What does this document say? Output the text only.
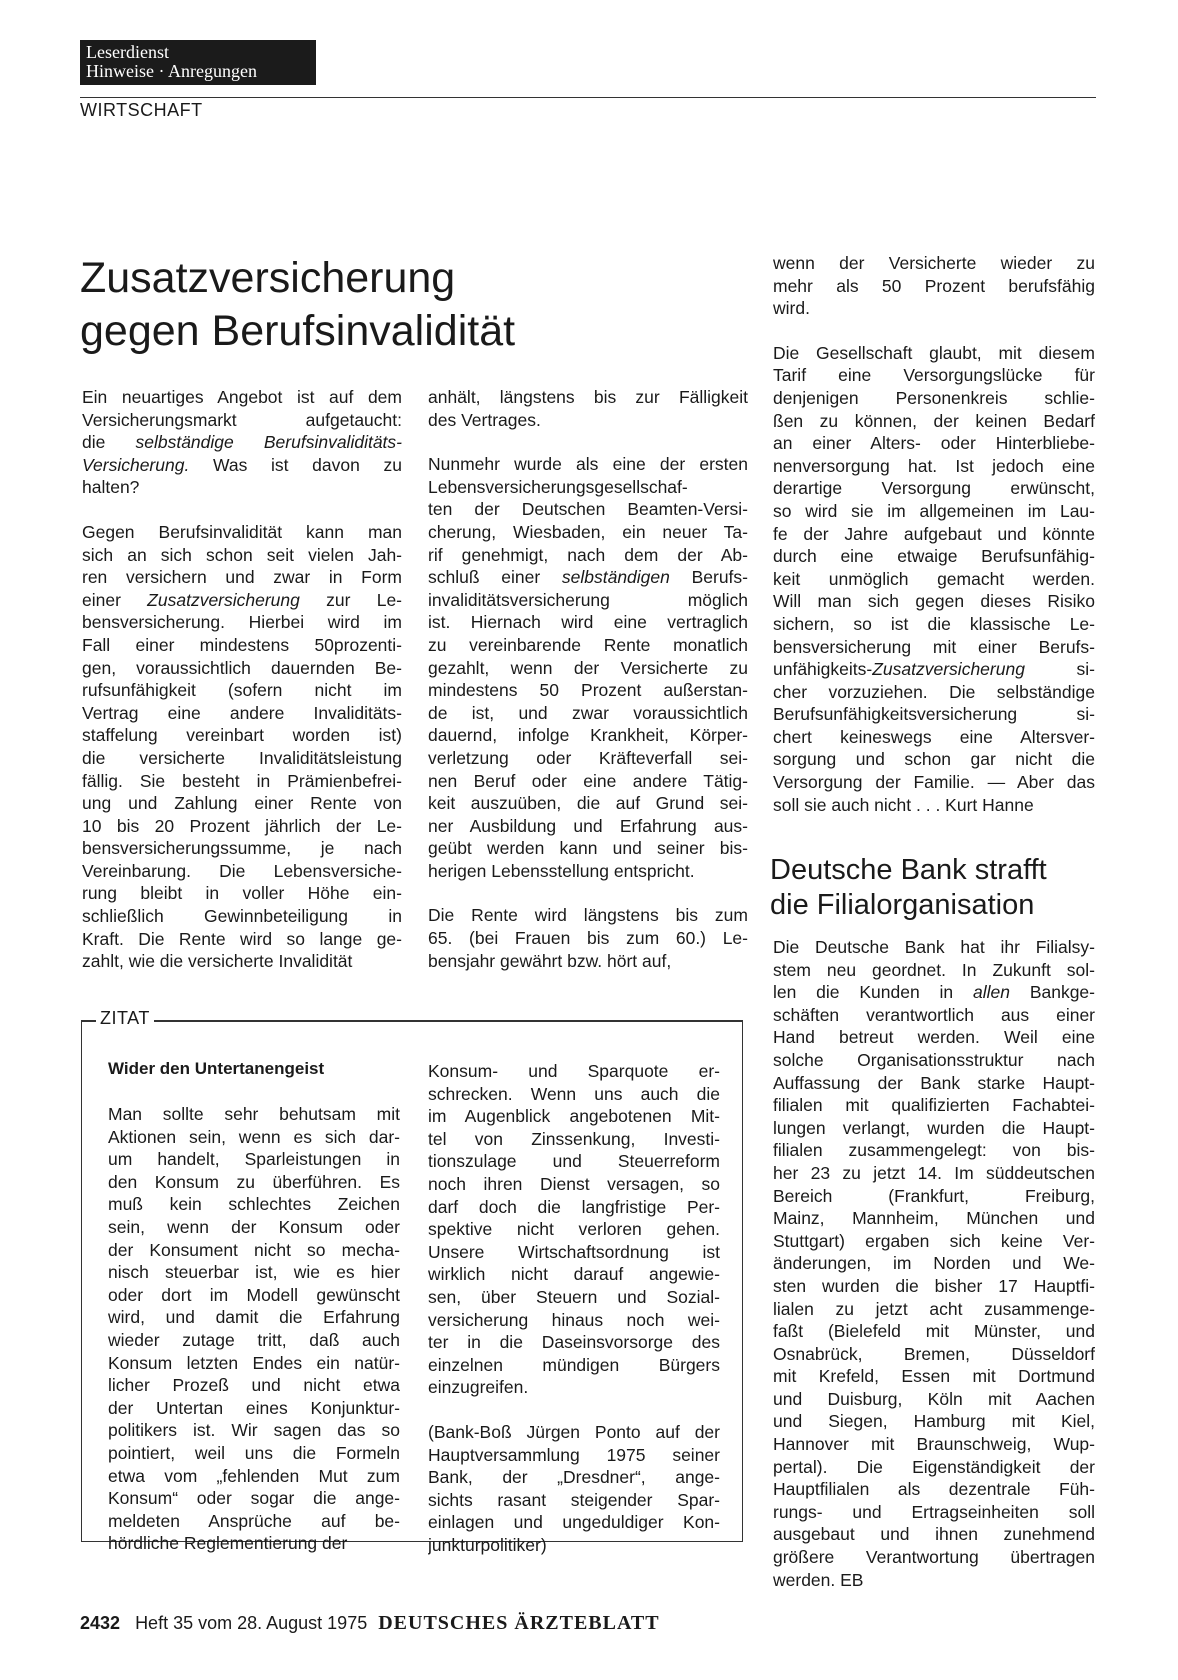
Leserdienst
Hinweise · Anregungen
WIRTSCHAFT
Zusatzversicherung
gegen Berufsinvalidität

Ein neuartiges Angebot ist auf dem
Versicherungsmarkt aufgetaucht:
die selbständige Berufsinvaliditäts-
Versicherung. Was ist davon zu
halten?

Gegen Berufsinvalidität kann man
sich an sich schon seit vielen Jah-
ren versichern und zwar in Form
einer Zusatzversicherung zur Le-
bensversicherung. Hierbei wird im
Fall einer mindestens 50prozenti-
gen, voraussichtlich dauernden Be-
rufsunfähigkeit (sofern nicht im
Vertrag eine andere Invaliditäts-
staffelung vereinbart worden ist)
die versicherte Invaliditätsleistung
fällig. Sie besteht in Prämienbefrei-
ung und Zahlung einer Rente von
10 bis 20 Prozent jährlich der Le-
bensversicherungssumme, je nach
Vereinbarung. Die Lebensversiche-
rung bleibt in voller Höhe ein-
schließlich Gewinnbeteiligung in
Kraft. Die Rente wird so lange ge-
zahlt, wie die versicherte Invalidität

anhält, längstens bis zur Fälligkeit
des Vertrages.

Nunmehr wurde als eine der ersten
Lebensversicherungsgesellschaf-
ten der Deutschen Beamten-Versi-
cherung, Wiesbaden, ein neuer Ta-
rif genehmigt, nach dem der Ab-
schluß einer selbständigen Berufs-
invaliditätsversicherung möglich
ist. Hiernach wird eine vertraglich
zu vereinbarende Rente monatlich
gezahlt, wenn der Versicherte zu
mindestens 50 Prozent außerstan-
de ist, und zwar voraussichtlich
dauernd, infolge Krankheit, Körper-
verletzung oder Kräfteverfall sei-
nen Beruf oder eine andere Tätig-
keit auszuüben, die auf Grund sei-
ner Ausbildung und Erfahrung aus-
geübt werden kann und seiner bis-
herigen Lebensstellung entspricht.

Die Rente wird längstens bis zum
65. (bei Frauen bis zum 60.) Le-
bensjahr gewährt bzw. hört auf,

wenn der Versicherte wieder zu
mehr als 50 Prozent berufsfähig
wird.

Die Gesellschaft glaubt, mit diesem
Tarif eine Versorgungslücke für
denjenigen Personenkreis schlie-
ßen zu können, der keinen Bedarf
an einer Alters- oder Hinterbliebe-
nenversorgung hat. Ist jedoch eine
derartige Versorgung erwünscht,
so wird sie im allgemeinen im Lau-
fe der Jahre aufgebaut und könnte
durch eine etwaige Berufsunfähig-
keit unmöglich gemacht werden.
Will man sich gegen dieses Risiko
sichern, so ist die klassische Le-
bensversicherung mit einer Berufs-
unfähigkeits-Zusatzversicherung si-
cher vorzuziehen. Die selbständige
Berufsunfähigkeitsversicherung si-
chert keineswegs eine Altersver-
sorgung und schon gar nicht die
Versorgung der Familie. — Aber das
soll sie auch nicht . . . Kurt Hanne

Deutsche Bank strafft
die Filialorganisation

Die Deutsche Bank hat ihr Filialsy-
stem neu geordnet. In Zukunft sol-
len die Kunden in allen Bankge-
schäften verantwortlich aus einer
Hand betreut werden. Weil eine
solche Organisationsstruktur nach
Auffassung der Bank starke Haupt-
filialen mit qualifizierten Fachabtei-
lungen verlangt, wurden die Haupt-
filialen zusammengelegt: von bis-
her 23 zu jetzt 14. Im süddeutschen
Bereich (Frankfurt, Freiburg,
Mainz, Mannheim, München und
Stuttgart) ergaben sich keine Ver-
änderungen, im Norden und We-
sten wurden die bisher 17 Hauptfi-
lialen zu jetzt acht zusammenge-
faßt (Bielefeld mit Münster, und
Osnabrück, Bremen, Düsseldorf
mit Krefeld, Essen mit Dortmund
und Duisburg, Köln mit Aachen
und Siegen, Hamburg mit Kiel,
Hannover mit Braunschweig, Wup-
pertal). Die Eigenständigkeit der
Hauptfilialen als dezentrale Füh-
rungs- und Ertragseinheiten soll
ausgebaut und ihnen zunehmend
größere Verantwortung übertragen
werden. EB

ZITAT
Wider den Untertanengeist

Man sollte sehr behutsam mit
Aktionen sein, wenn es sich dar-
um handelt, Sparleistungen in
den Konsum zu überführen. Es
muß kein schlechtes Zeichen
sein, wenn der Konsum oder
der Konsument nicht so mecha-
nisch steuerbar ist, wie es hier
oder dort im Modell gewünscht
wird, und damit die Erfahrung
wieder zutage tritt, daß auch
Konsum letzten Endes ein natür-
licher Prozeß und nicht etwa
der Untertan eines Konjunktur-
politikers ist. Wir sagen das so
pointiert, weil uns die Formeln
etwa vom „fehlenden Mut zum
Konsum“ oder sogar die ange-
meldeten Ansprüche auf be-
hördliche Reglementierung der

Konsum- und Sparquote er-
schrecken. Wenn uns auch die
im Augenblick angebotenen Mit-
tel von Zinssenkung, Investi-
tionszulage und Steuerreform
noch ihren Dienst versagen, so
darf doch die langfristige Per-
spektive nicht verloren gehen.
Unsere Wirtschaftsordnung ist
wirklich nicht darauf angewie-
sen, über Steuern und Sozial-
versicherung hinaus noch wei-
ter in die Daseinsvorsorge des
einzelnen mündigen Bürgers
einzugreifen.

(Bank-Boß Jürgen Ponto auf der
Hauptversammlung 1975 seiner
Bank, der „Dresdner“, ange-
sichts rasant steigender Spar-
einlagen und ungeduldiger Kon-
junkturpolitiker)

2432 Heft 35 vom 28. August 1975 DEUTSCHES ÄRZTEBLATT
